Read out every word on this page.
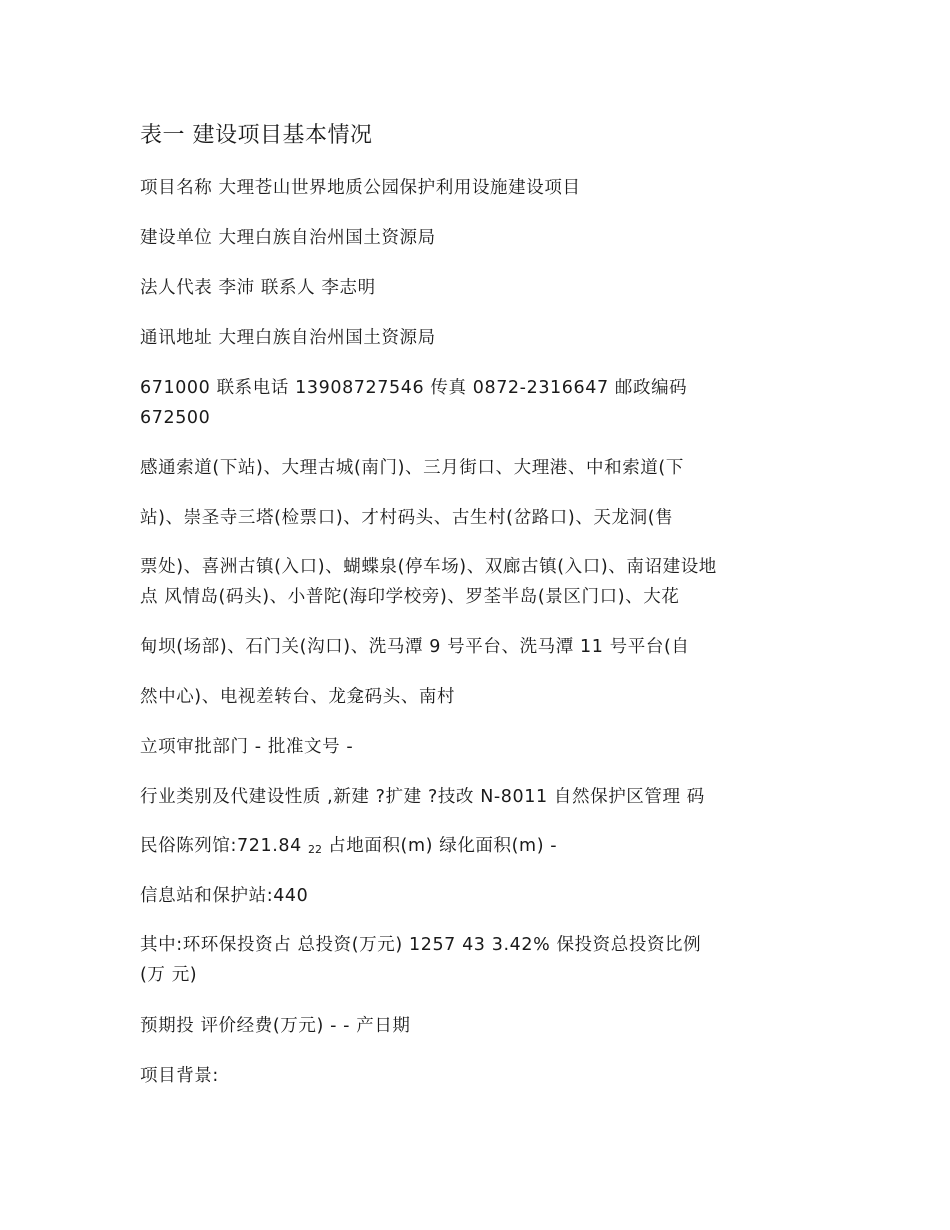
表一 建设项目基本情况
项目名称 大理苍山世界地质公园保护利用设施建设项目
建设单位 大理白族自治州国土资源局
法人代表 李沛 联系人 李志明
通讯地址 大理白族自治州国土资源局
671000 联系电话 13908727546 传真 0872-2316647 邮政编码
672500
感通索道(下站)、大理古城(南门)、三月街口、大理港、中和索道(下
站)、崇圣寺三塔(检票口)、才村码头、古生村(岔路口)、天龙洞(售
票处)、喜洲古镇(入口)、蝴蝶泉(停车场)、双廊古镇(入口)、南诏建设地
点 风情岛(码头)、小普陀(海印学校旁)、罗荃半岛(景区门口)、大花
甸坝(场部)、石门关(沟口)、洗马潭 9 号平台、洗马潭 11 号平台(自
然中心)、电视差转台、龙龛码头、南村
立项审批部门 - 批准文号 -
行业类别及代建设性质 ,新建 ?扩建 ?技改 N-8011 自然保护区管理 码
民俗陈列馆:721.84 22 占地面积(m) 绿化面积(m) -
信息站和保护站:440
其中:环环保投资占 总投资(万元) 1257 43 3.42% 保投资总投资比例
(万 元)
预期投 评价经费(万元) - - 产日期
项目背景:
